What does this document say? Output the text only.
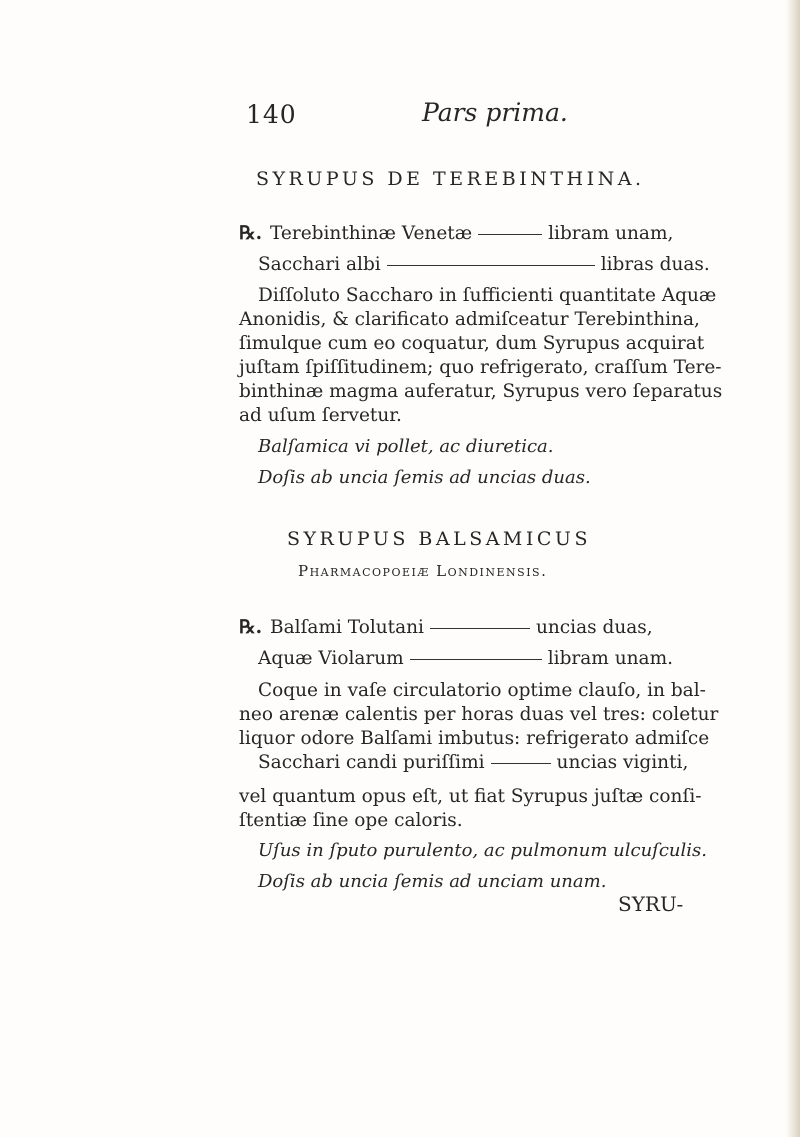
140	Pars prima.
SYRUPUS DE TEREBINTHINA.
℞. Terebinthinæ Venetæ	libram unam,
Sacchari albi	libras duas.
Diſſoluto Saccharo in ſufficienti quantitate Aquæ
Anonidis, & clarificato admiſceatur Terebinthina,
ſimulque cum eo coquatur, dum Syrupus acquirat
juſtam ſpiſſitudinem; quo refrigerato, craſſum Tere-
binthinæ magma auferatur, Syrupus vero ſeparatus
ad uſum ſervetur.
Balſamica vi pollet, ac diuretica.
Doſis ab uncia ſemis ad uncias duas.
SYRUPUS BALSAMICUS
Pharmacopoeiæ Londinensis.
℞. Balſami Tolutani	uncias duas,
Aquæ Violarum	libram unam.
Coque in vaſe circulatorio optime clauſo, in bal-
neo arenæ calentis per horas duas vel tres: coletur
liquor odore Balſami imbutus: refrigerato admiſce
Sacchari candi puriſſimi	uncias viginti,
vel quantum opus eſt, ut fiat Syrupus juſtæ conſi-
ſtentiæ ſine ope caloris.
Uſus in ſputo purulento, ac pulmonum ulcuſculis.
Doſis ab uncia ſemis ad unciam unam.
SYRU-
